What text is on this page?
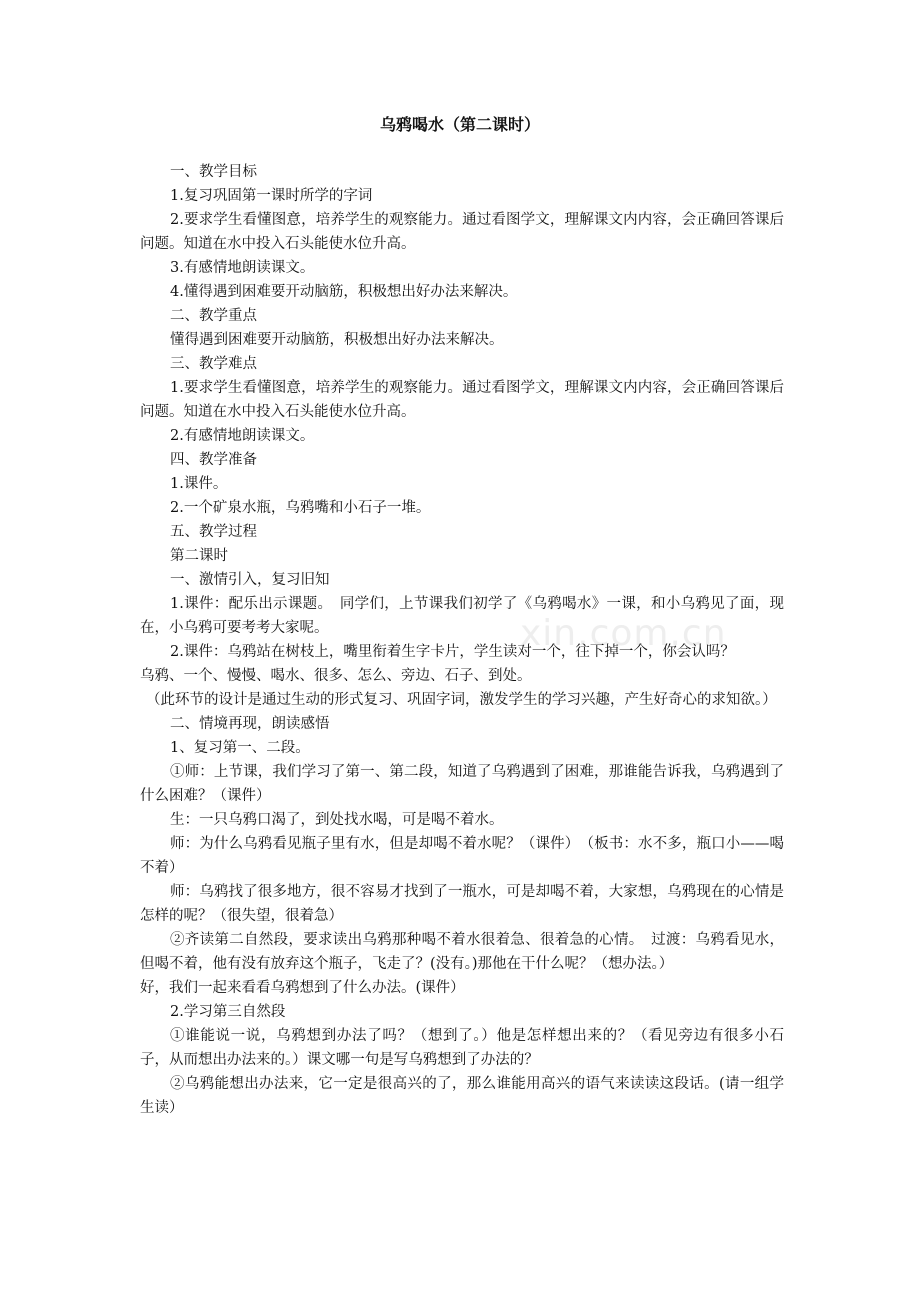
乌鸦喝水（第二课时）
xin.com.cn

一、教学目标

1.复习巩固第一课时所学的字词

2.要求学生看懂图意，培养学生的观察能力。通过看图学文，理解课文内内容，会正确回答课后问题。知道在水中投入石头能使水位升高。

3.有感情地朗读课文。

4.懂得遇到困难要开动脑筋，积极想出好办法来解决。

二、教学重点

懂得遇到困难要开动脑筋，积极想出好办法来解决。

三、教学难点

1.要求学生看懂图意，培养学生的观察能力。通过看图学文，理解课文内内容，会正确回答课后问题。知道在水中投入石头能使水位升高。

2.有感情地朗读课文。

四、教学准备

1.课件。

2.一个矿泉水瓶，乌鸦嘴和小石子一堆。

五、教学过程

第二课时

一、激情引入，复习旧知

1.课件：配乐出示课题。　同学们，上节课我们初学了《乌鸦喝水》一课，和小乌鸦见了面，现在，小乌鸦可要考考大家呢。

2.课件：乌鸦站在树枝上，嘴里衔着生字卡片，学生读对一个，往下掉一个，你会认吗？

乌鸦、一个、慢慢、喝水、很多、怎么、旁边、石子、到处。

（此环节的设计是通过生动的形式复习、巩固字词，激发学生的学习兴趣，产生好奇心的求知欲。）

二、情境再现，朗读感悟

1、复习第一、二段。

①师：上节课，我们学习了第一、第二段，知道了乌鸦遇到了困难，那谁能告诉我，乌鸦遇到了什么困难？（课件）

生：一只乌鸦口渴了，到处找水喝，可是喝不着水。

师：为什么乌鸦看见瓶子里有水，但是却喝不着水呢？（课件）　（板书：水不多，瓶口小——喝不着）

师：乌鸦找了很多地方，很不容易才找到了一瓶水，可是却喝不着，大家想，乌鸦现在的心情是怎样的呢？（很失望，很着急）

②齐读第二自然段，要求读出乌鸦那种喝不着水很着急、很着急的心情。　过渡：乌鸦看见水，但喝不着，他有没有放弃这个瓶子，飞走了？(没有。)那他在干什么呢？（想办法。）

好，我们一起来看看乌鸦想到了什么办法。(课件）

2.学习第三自然段

①谁能说一说，乌鸦想到办法了吗？（想到了。）他是怎样想出来的？（看见旁边有很多小石子，从而想出办法来的。）课文哪一句是写乌鸦想到了办法的？

②乌鸦能想出办法来，它一定是很高兴的了，那么谁能用高兴的语气来读读这段话。(请一组学生读）
